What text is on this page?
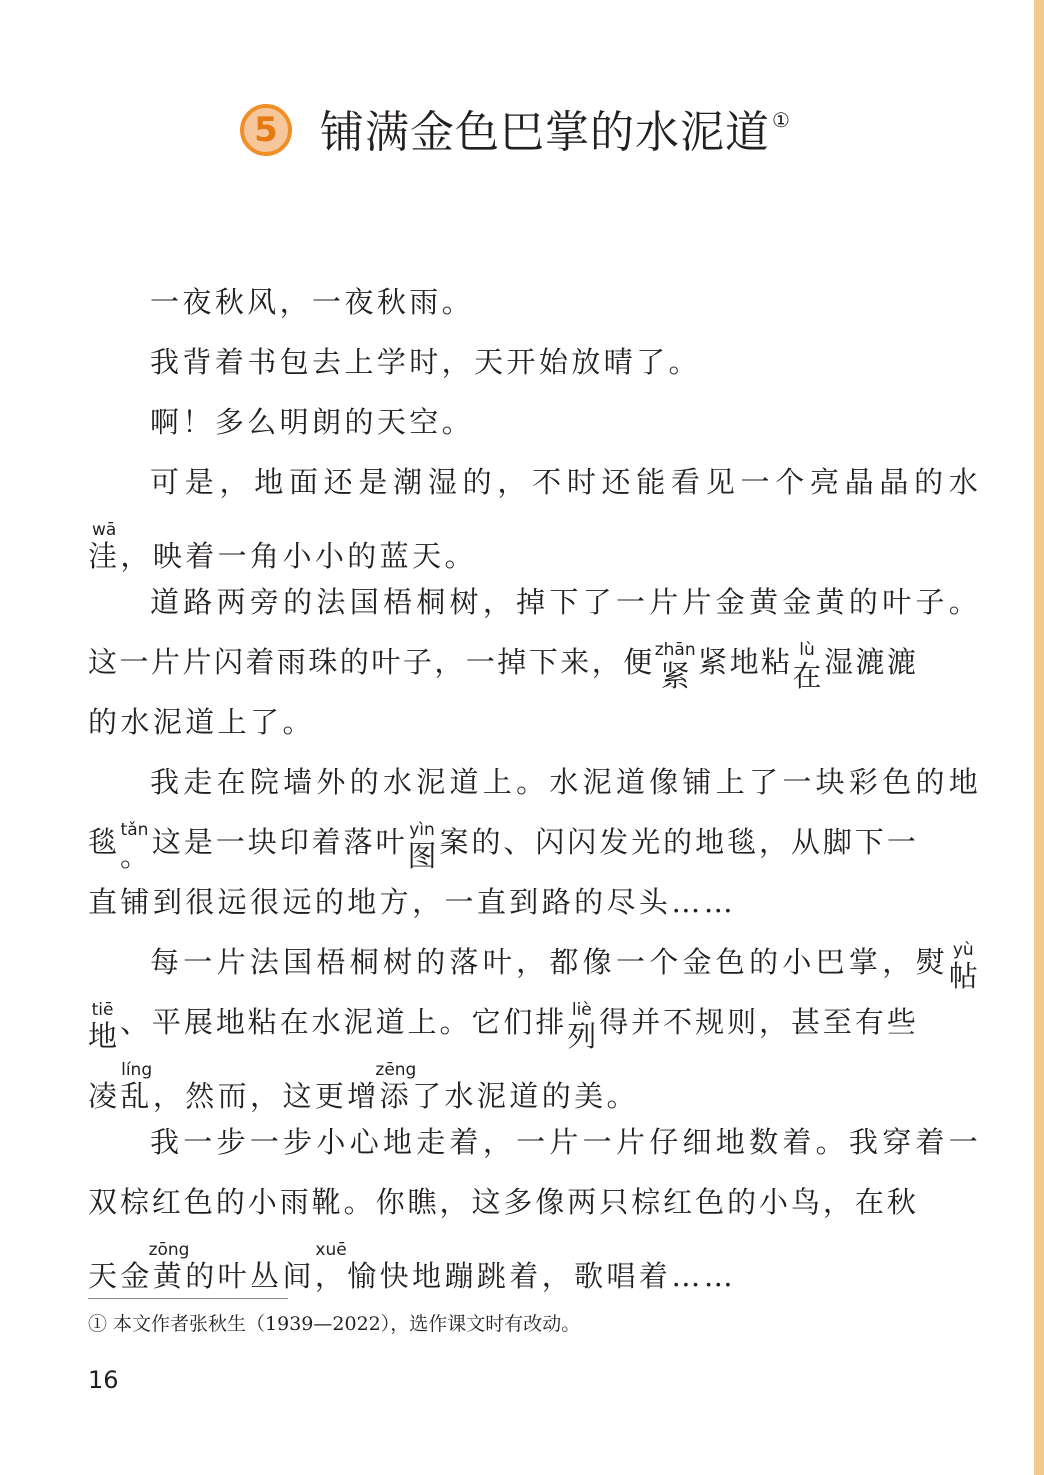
5 铺满金色巴掌的水泥道 ①
一夜秋风，一夜秋雨。
我背着书包去上学时，天开始放晴了。
啊！多么明朗的天空。
可 是 ， 地 面 还 是 潮 湿 的 ， 不 时 还 能 看 见 一 个 亮 晶 晶 的 水
洼wā，映着一角小小的蓝天。
道 路 两 旁 的 法 国 梧 桐 树 ， 掉 下 了 一 片 片 金 黄 金 黄 的 叶 子 。
这 一 片 片 闪 着 雨 珠 的 叶 子 ， 一 掉 下 来 ， 便 紧zhān 紧 地 粘 在lù 湿 漉 漉
的水泥道上了。
我 走 在 院 墙 外 的 水 泥 道 上 。 水 泥 道 像 铺 上 了 一 块 彩 色 的 地
毯 。tǎn 这 是 一 块 印 着 落 叶 图yìn 案 的 、 闪 闪 发 光 的 地 毯 ， 从 脚 下 一
直铺到很远很远的地方，一直到路的尽头……
每 一 片 法 国 梧 桐 树 的 落 叶 ， 都 像 一 个 金 色 的 小 巴 掌 ， 熨 帖yù
地tiē 、 平 展 地 粘 在 水 泥 道 上 。 它 们 排 列liè 得 并 不 规 则 ， 甚 至 有 些
凌乱líng，然而，这更增添zēng了水泥道的美。
我 一 步 一 步 小 心 地 走 着 ， 一 片 一 片 仔 细 地 数 着 。 我 穿 着 一
双 棕 红 色 的 小 雨 靴 。 你 瞧 ， 这 多 像 两 只 棕 红 色 的 小 鸟 ， 在 秋
天金黄zōng的叶丛间，xuē愉快地蹦跳着，歌唱着……
① 本文作者张秋生（1939—2022），选作课文时有改动。
16
